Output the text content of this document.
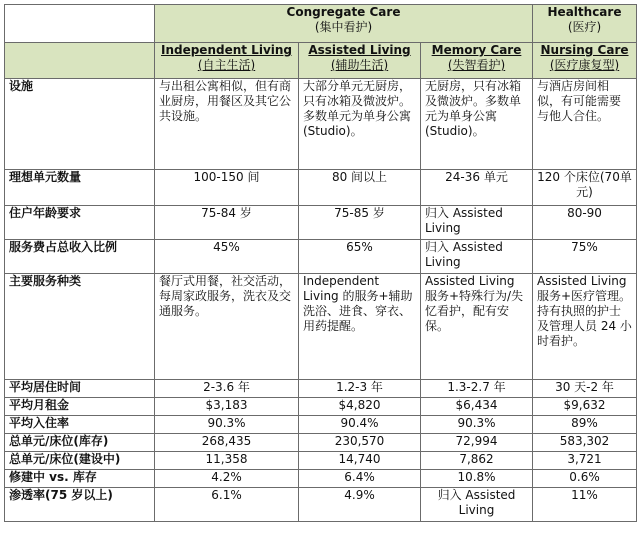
	Congregate Care
(集中看护)			Healthcare
(医疗)

	Independent Living
(自主生活)	Assisted Living
(辅助生活)	Memory Care
(失智看护)	Nursing Care
(医疗康复型)

设施	与出租公寓相似，但有商业厨房，用餐区及其它公共设施。	大部分单元无厨房，只有冰箱及微波炉。多数单元为单身公寓(Studio)。	无厨房，只有冰箱及微波炉。多数单元为单身公寓(Studio)。	与酒店房间相似，有可能需要与他人合住。
理想单元数量	100-150 间	80 间以上	24-36 单元	120 个床位(70单元)
住户年龄要求	75-84 岁	75-85 岁	归入 Assisted Living	80-90
服务费占总收入比例	45%	65%	归入 Assisted Living	75%
主要服务种类	餐厅式用餐，社交活动，每周家政服务，洗衣及交通服务。	Independent Living 的服务+辅助洗浴、进食、穿衣、用药提醒。	Assisted Living 服务+特殊行为/失忆看护，配有安保。	Assisted Living 服务+医疗管理。持有执照的护士及管理人员 24 小时看护。
平均居住时间	2-3.6 年	1.2-3 年	1.3-2.7 年	30 天-2 年
平均月租金	$3,183	$4,820	$6,434	$9,632
平均入住率	90.3%	90.4%	90.3%	89%
总单元/床位(库存)	268,435	230,570	72,994	583,302
总单元/床位(建设中)	11,358	14,740	7,862	3,721
修建中 vs. 库存	4.2%	6.4%	10.8%	0.6%
渗透率(75 岁以上)	6.1%	4.9%	归入 Assisted Living	11%
